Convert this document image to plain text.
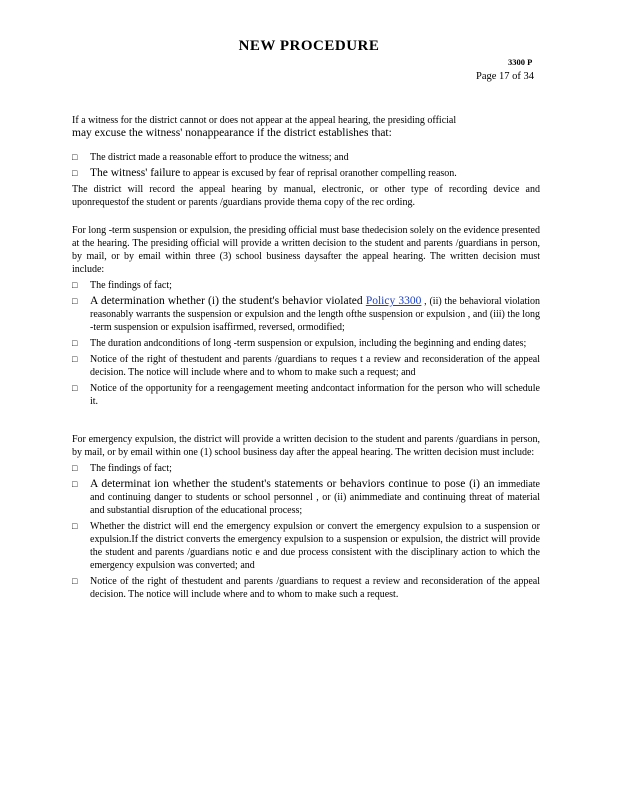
NEW PROCEDURE
3300 P
Page 17 of 34

If a witness for the district cannot or does not appear at the appeal hearing, the presiding official
may excuse the witness' nonappearance if the district establishes that:

□	The district made a reasonable effort to produce the witness; and
□	The witness' failure to appear is excused by fear of reprisal oranother compelling reason.

The district will record the appeal hearing by manual, electronic, or other type of recording device and uponrequestof the student or parents /guardians provide thema copy of the rec ording.

For long -term suspension or expulsion, the presiding official must base thedecision solely on the evidence presented at the hearing. The presiding official will provide a written decision to the student and parents /guardians in person, by mail, or by email within three (3) school business daysafter the appeal hearing. The written decision must include:

□	The findings of fact;
□	A determination whether (i) the student's behavior violated Policy 3300 , (ii) the behavioral violation reasonably warrants the suspension or expulsion and the length ofthe suspension or expulsion , and (iii) the long -term suspension or expulsion isaffirmed, reversed, ormodified;
□	The duration andconditions of long -term suspension or expulsion, including the beginning and ending dates;
□	Notice of the right of thestudent and parents /guardians to reques t a review and reconsideration of the appeal decision. The notice will include where and to whom to make such a request; and
□	Notice of the opportunity for a reengagement meeting andcontact information for the person who will schedule it.

For emergency expulsion, the district will provide a written decision to the student and parents /guardians in person, by mail, or by email within one (1) school business day after the appeal hearing. The written decision must include:

□	The findings of fact;
□	A determinat ion whether the student's statements or behaviors continue to pose (i) an immediate and continuing danger to students or school personnel , or (ii) animmediate and continuing threat of material and substantial disruption of the educational process;
□	Whether the district will end the emergency expulsion or convert the emergency expulsion to a suspension or expulsion.If the district converts the emergency expulsion to a suspension or expulsion, the district will provide the student and parents /guardians notic e and due process consistent with the disciplinary action to which the emergency expulsion was converted; and
□	Notice of the right of thestudent and parents /guardians to request a review and reconsideration of the appeal decision. The notice will include where and to whom to make such a request.
